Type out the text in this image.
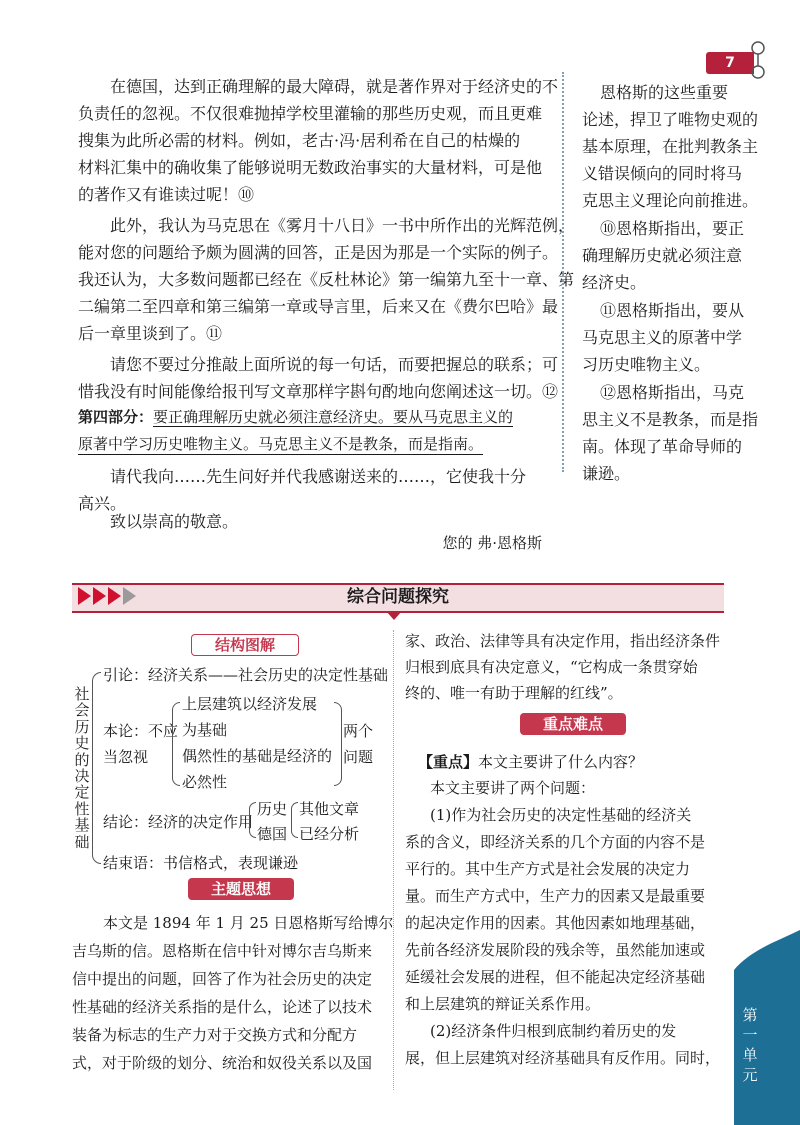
7
在德国，达到正确理解的最大障碍，就是著作界对于经济史的不
负责任的忽视。不仅很难抛掉学校里灌输的那些历史观，而且更难
搜集为此所必需的材料。例如，老古·冯·居利希在自己的枯燥的
材料汇集中的确收集了能够说明无数政治事实的大量材料，可是他
的著作又有谁读过呢！⑩
此外，我认为马克思在《雾月十八日》一书中所作出的光辉范例，
能对您的问题给予颇为圆满的回答，正是因为那是一个实际的例子。
我还认为，大多数问题都已经在《反杜林论》第一编第九至十一章、第
二编第二至四章和第三编第一章或导言里，后来又在《费尔巴哈》最
后一章里谈到了。⑪
请您不要过分推敲上面所说的每一句话，而要把握总的联系；可
惜我没有时间能像给报刊写文章那样字斟句酌地向您阐述这一切。⑫
第四部分：要正确理解历史就必须注意经济史。要从马克思主义的
原著中学习历史唯物主义。马克思主义不是教条，而是指南。
请代我向……先生问好并代我感谢送来的……，它使我十分
高兴。
致以崇高的敬意。
您的 弗·恩格斯
恩格斯的这些重要
论述，捍卫了唯物史观的
基本原理，在批判教条主
义错误倾向的同时将马
克思主义理论向前推进。
⑩恩格斯指出，要正
确理解历史就必须注意
经济史。
⑪恩格斯指出，要从
马克思主义的原著中学
习历史唯物主义。
⑫恩格斯指出，马克
思主义不是教条，而是指
南。体现了革命导师的
谦逊。
综合问题探究
结构图解
社会历史的决定性基础
引论：经济关系——社会历史的决定性基础
本论：不应
当忽视
上层建筑以经济发展
为基础
偶然性的基础是经济的
必然性
两个
问题
结论：经济的决定作用
历史
德国
其他文章
已经分析
结束语：书信格式，表现谦逊
主题思想
本文是 1894 年 1 月 25 日恩格斯写给博尔
吉乌斯的信。恩格斯在信中针对博尔吉乌斯来
信中提出的问题，回答了作为社会历史的决定
性基础的经济关系指的是什么，论述了以技术
装备为标志的生产力对于交换方式和分配方
式，对于阶级的划分、统治和奴役关系以及国
家、政治、法律等具有决定作用，指出经济条件
归根到底具有决定意义，“它构成一条贯穿始
终的、唯一有助于理解的红线”。
重点难点
【重点】本文主要讲了什么内容？
本文主要讲了两个问题：
(1)作为社会历史的决定性基础的经济关
系的含义，即经济关系的几个方面的内容不是
平行的。其中生产方式是社会发展的决定力
量。而生产方式中，生产力的因素又是最重要
的起决定作用的因素。其他因素如地理基础，
先前各经济发展阶段的残余等，虽然能加速或
延缓社会发展的进程，但不能起决定经济基础
和上层建筑的辩证关系作用。
(2)经济条件归根到底制约着历史的发
展，但上层建筑对经济基础具有反作用。同时，
第一单元
